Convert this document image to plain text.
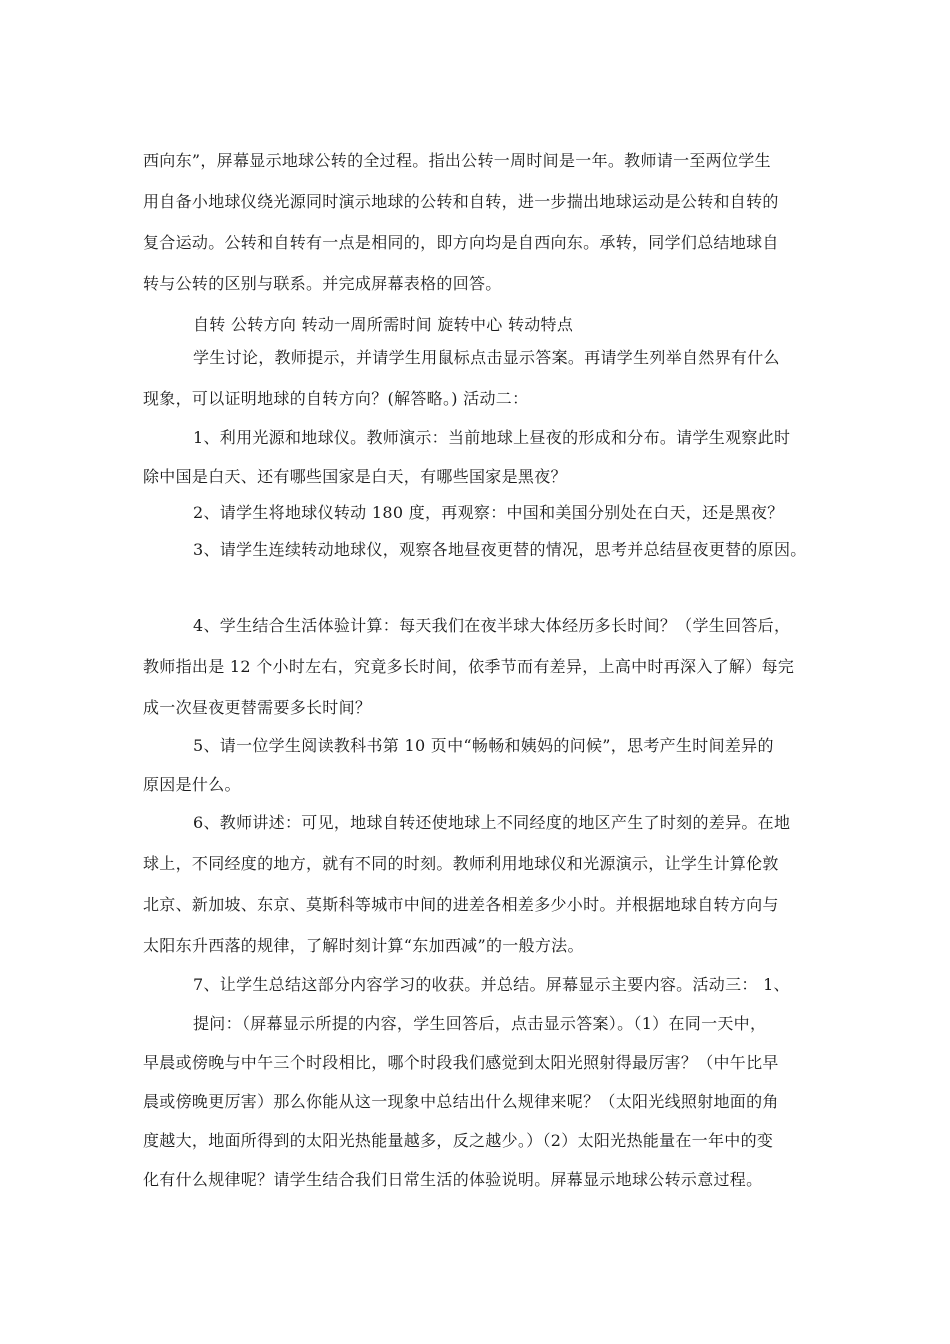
西向东”，屏幕显示地球公转的全过程。指出公转一周时间是一年。教师请一至两位学生
用自备小地球仪绕光源同时演示地球的公转和自转，进一步揣出地球运动是公转和自转的
复合运动。公转和自转有一点是相同的，即方向均是自西向东。承转，同学们总结地球自
转与公转的区别与联系。并完成屏幕表格的回答。
自转 公转方向 转动一周所需时间 旋转中心 转动特点
学生讨论，教师提示，并请学生用鼠标点击显示答案。再请学生列举自然界有什么
现象，可以证明地球的自转方向？(解答略。) 活动二：
1、利用光源和地球仪。教师演示：当前地球上昼夜的形成和分布。请学生观察此时
除中国是白天、还有哪些国家是白天，有哪些国家是黑夜？
2、请学生将地球仪转动 180 度，再观察：中国和美国分别处在白天，还是黑夜？
3、请学生连续转动地球仪，观察各地昼夜更替的情况，思考并总结昼夜更替的原因。
4、学生结合生活体验计算：每天我们在夜半球大体经历多长时间？（学生回答后，
教师指出是 12 个小时左右，究竟多长时间，依季节而有差异，上高中时再深入了解）每完
成一次昼夜更替需要多长时间？
5、请一位学生阅读教科书第 10 页中“畅畅和姨妈的问候”，思考产生时间差异的
原因是什么。
6、教师讲述：可见，地球自转还使地球上不同经度的地区产生了时刻的差异。在地
球上，不同经度的地方，就有不同的时刻。教师利用地球仪和光源演示，让学生计算伦敦
北京、新加坡、东京、莫斯科等城市中间的进差各相差多少小时。并根据地球自转方向与
太阳东升西落的规律，了解时刻计算“东加西减”的一般方法。
7、让学生总结这部分内容学习的收获。并总结。屏幕显示主要内容。活动三： 1、
提问：（屏幕显示所提的内容，学生回答后，点击显示答案）。（1）在同一天中，
早晨或傍晚与中午三个时段相比，哪个时段我们感觉到太阳光照射得最厉害？（中午比早
晨或傍晚更厉害）那么你能从这一现象中总结出什么规律来呢？（太阳光线照射地面的角
度越大，地面所得到的太阳光热能量越多，反之越少。）（2）太阳光热能量在一年中的变
化有什么规律呢？请学生结合我们日常生活的体验说明。屏幕显示地球公转示意过程。
